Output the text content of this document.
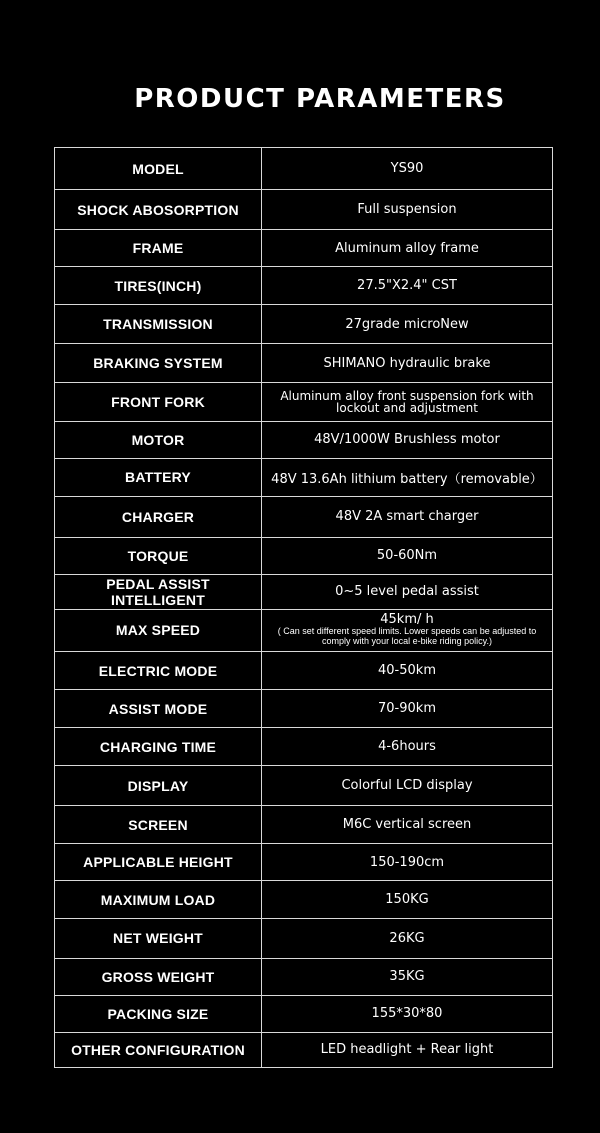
PRODUCT PARAMETERS
MODEL	YS90
SHOCK ABOSORPTION	Full suspension
FRAME	Aluminum alloy frame
TIRES(INCH)	27.5"X2.4" CST
TRANSMISSION	27grade microNew
BRAKING SYSTEM	SHIMANO hydraulic brake
FRONT FORK	Aluminum alloy front suspension fork with lockout and adjustment
MOTOR	48V/1000W Brushless motor
BATTERY	48V 13.6Ah lithium battery（removable）
CHARGER	48V 2A smart charger
TORQUE	50-60Nm
PEDAL ASSIST INTELLIGENT	0~5 level pedal assist
MAX SPEED	45km/ h
( Can set different speed limits. Lower speeds can be adjusted to comply with your local e-bike riding policy.)

ELECTRIC MODE	40-50km
ASSIST MODE	70-90km
CHARGING TIME	4-6hours
DISPLAY	Colorful LCD display
SCREEN	M6C vertical screen
APPLICABLE HEIGHT	150-190cm
MAXIMUM LOAD	150KG
NET WEIGHT	26KG
GROSS WEIGHT	35KG
PACKING SIZE	155*30*80
OTHER CONFIGURATION	LED headlight + Rear light
